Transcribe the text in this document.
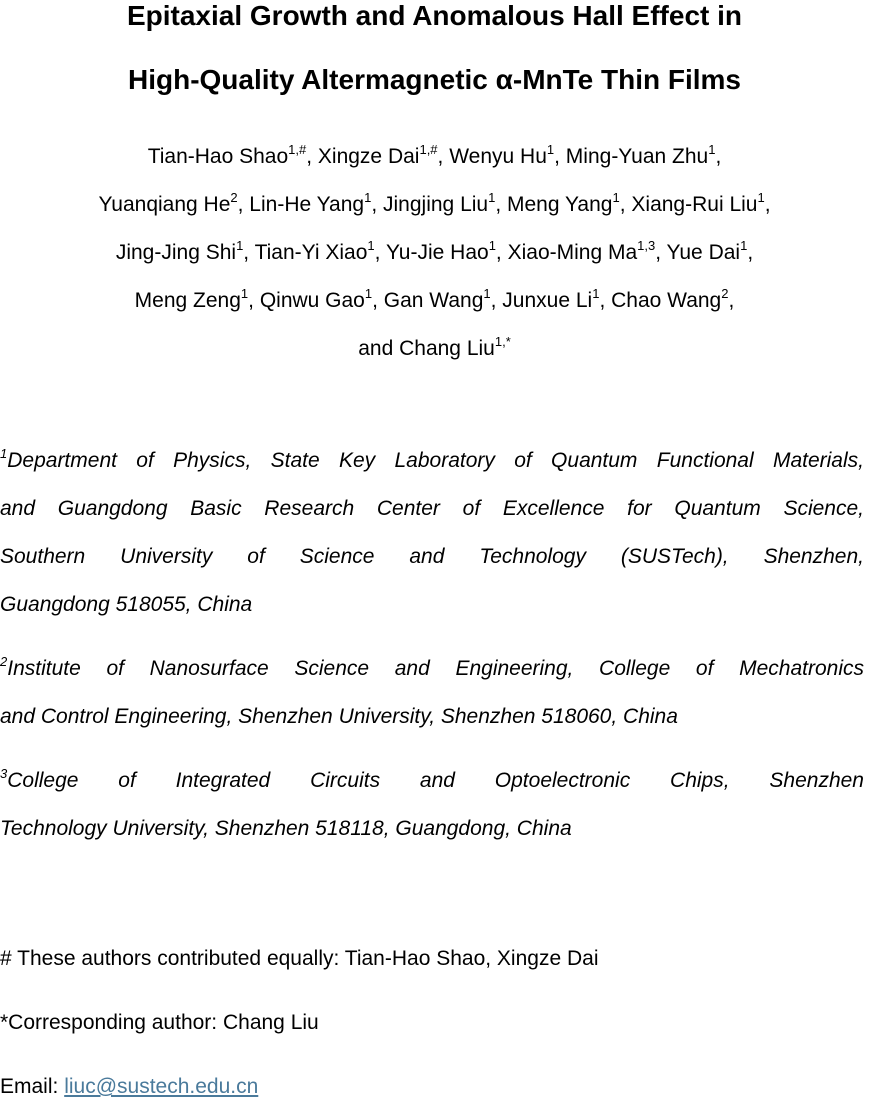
Epitaxial Growth and Anomalous Hall Effect in
High-Quality Altermagnetic α-MnTe Thin Films
Tian-Hao Shao$^{1,\#}$, Xingze Dai$^{1,\#}$, Wenyu Hu$^1$, Ming-Yuan Zhu$^1$,
Yuanqiang He$^2$, Lin-He Yang$^1$, Jingjing Liu$^1$, Meng Yang$^1$, Xiang-Rui Liu$^1$,
Jing-Jing Shi$^1$, Tian-Yi Xiao$^1$, Yu-Jie Hao$^1$, Xiao-Ming Ma$^{1,3}$, Yue Dai$^1$,
Meng Zeng$^1$, Qinwu Gao$^1$, Gan Wang$^1$, Junxue Li$^1$, Chao Wang$^2$,
and Chang Liu$^{1,*}$
$^1$Department of Physics, State Key Laboratory of Quantum Functional Materials,
and Guangdong Basic Research Center of Excellence for Quantum Science,
Southern University of Science and Technology (SUSTech), Shenzhen,
Guangdong 518055, China
$^2$Institute of Nanosurface Science and Engineering, College of Mechatronics
and Control Engineering, Shenzhen University, Shenzhen 518060, China
$^3$College of Integrated Circuits and Optoelectronic Chips, Shenzhen
Technology University, Shenzhen 518118, Guangdong, China
# These authors contributed equally: Tian-Hao Shao, Xingze Dai
*Corresponding author: Chang Liu
Email: liuc@sustech.edu.cn
